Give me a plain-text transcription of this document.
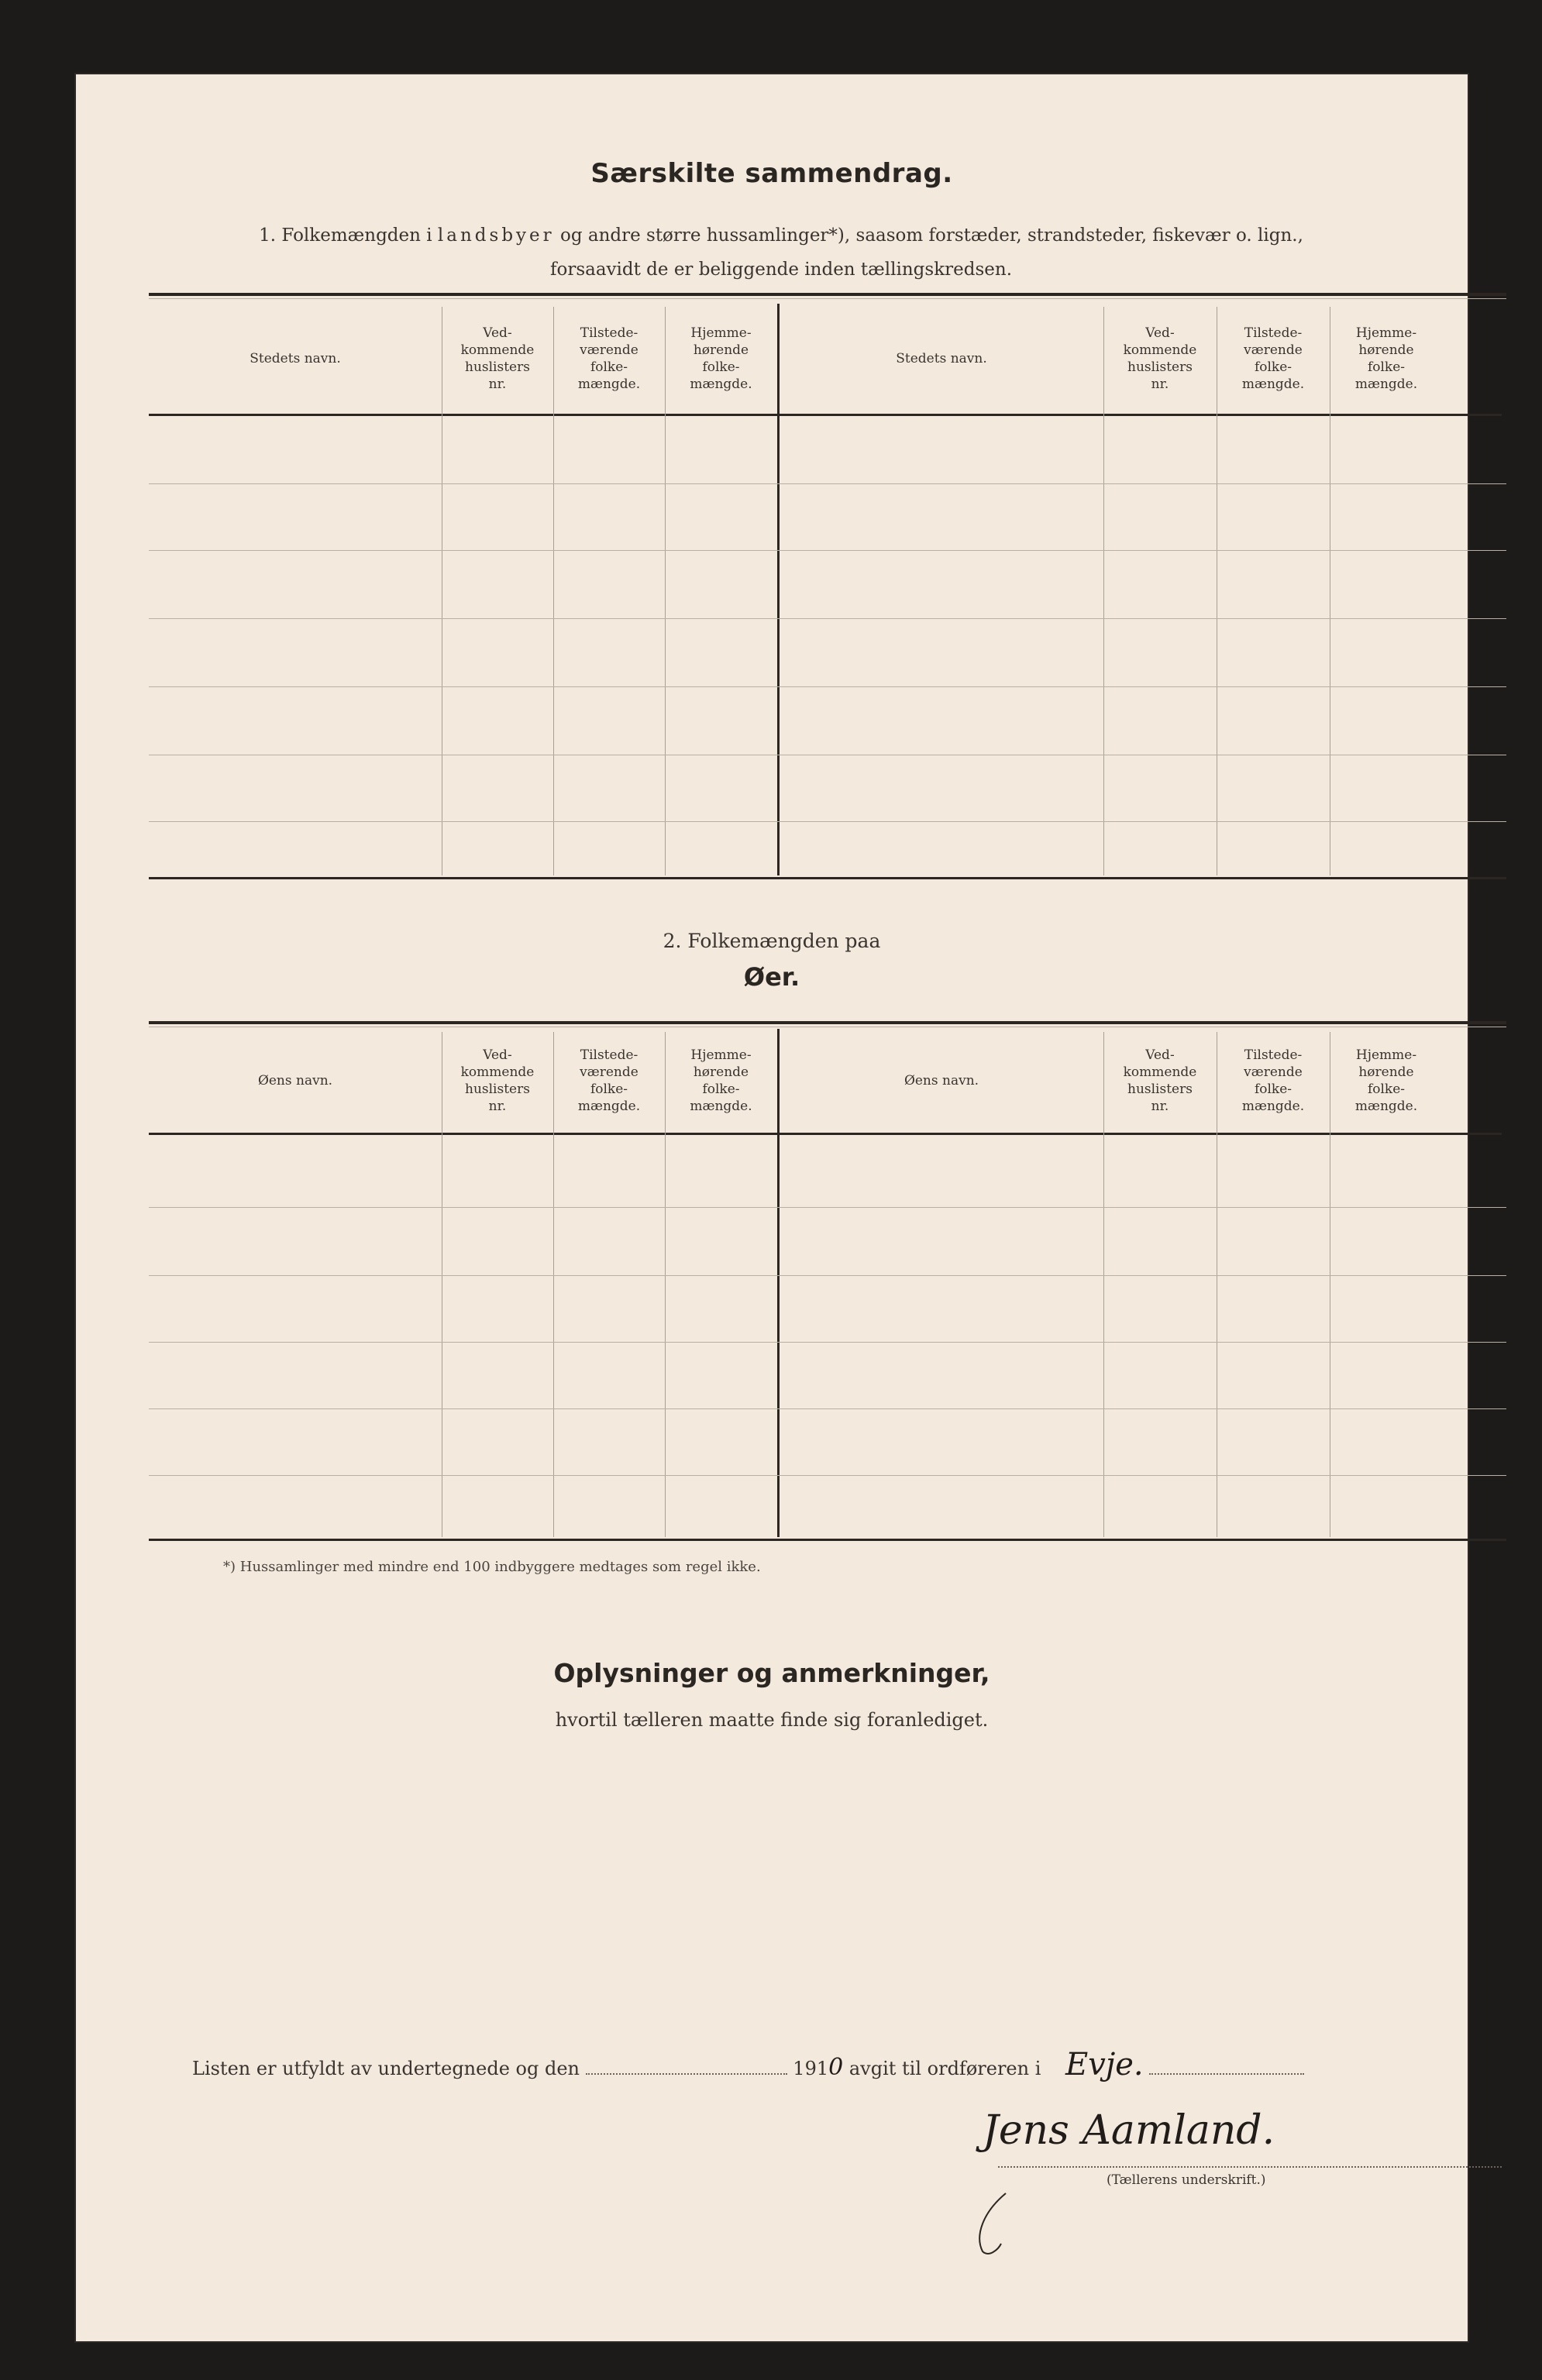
Særskilte sammendrag.
1. Folkemængden i landsbyer og andre større hussamlinger*), saasom forstæder, strandsteder, fiskevær o. lign.,
forsaavidt de er beliggende inden tællingskredsen.
Stedets navn.
Ved-
kommende
huslisters
nr.
Tilstede-
værende
folke-
mængde.
Hjemme-
hørende
folke-
mængde.
Stedets navn.
Ved-
kommende
huslisters
nr.
Tilstede-
værende
folke-
mængde.
Hjemme-
hørende
folke-
mængde.
2. Folkemængden paa
Øer.
Øens navn.
Ved-
kommende
huslisters
nr.
Tilstede-
værende
folke-
mængde.
Hjemme-
hørende
folke-
mængde.
Øens navn.
Ved-
kommende
huslisters
nr.
Tilstede-
værende
folke-
mængde.
Hjemme-
hørende
folke-
mængde.
*) Hussamlinger med mindre end 100 indbyggere medtages som regel ikke.
Oplysninger og anmerkninger,
hvortil tælleren maatte finde sig foranlediget.
Listen er utfyldt av undertegnede og den	1910 avgit til ordføreren i Evje.
Jens Aamland.
(Tællerens underskrift.)
